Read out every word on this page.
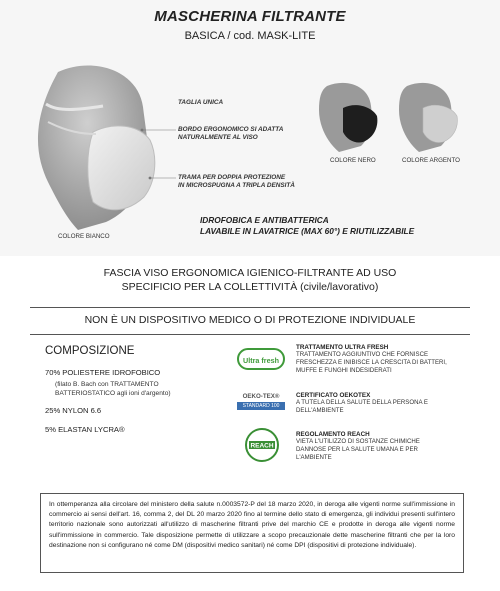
MASCHERINA FILTRANTE
BASICA / cod. MASK-LITE
TAGLIA UNICA
BORDO ERGONOMICO SI ADATTA
NATURALMENTE AL VISO
TRAMA PER DOPPIA PROTEZIONE
IN MICROSPUGNA A TRIPLA DENSITÀ
COLORE BIANCO
COLORE NERO	COLORE ARGENTO
IDROFOBICA E ANTIBATTERICA
LAVABILE IN LAVATRICE (MAX 60°) E RIUTILIZZABILE
FASCIA VISO ERGONOMICA IGIENICO-FILTRANTE AD USO
SPECIFICIO PER LA COLLETTIVITÀ (civile/lavorativo)
NON È UN DISPOSITIVO MEDICO O DI PROTEZIONE INDIVIDUALE
COMPOSIZIONE
70% POLIESTERE IDROFOBICO
(filato B. Bach con TRATTAMENTO
BATTERIOSTATICO agli ioni d'argento)
25% NYLON 6.6
5% ELASTAN LYCRA®
Ultra fresh
OEKO-TEX®
STANDARD 100
REACH
TRATTAMENTO ULTRA FRESH
TRATTAMENTO AGGIUNTIVO CHE FORNISCE
FRESCHEZZA E INIBISCE LA CRESCITA DI BATTERI,
MUFFE E FUNGHI INDESIDERATI
CERTIFICATO OEKOTEX
A TUTELA DELLA SALUTE DELLA PERSONA E
DELL'AMBIENTE
REGOLAMENTO REACH
VIETA L'UTILIZZO DI SOSTANZE CHIMICHE
DANNOSE PER LA SALUTE UMANA E PER
L'AMBIENTE
In ottemperanza alla circolare del ministero della salute n.0003572-P del 18 marzo 2020, in deroga alle vigenti norme sull'immissione in commercio ai sensi dell'art. 16, comma 2, del DL 20 marzo 2020 fino al termine dello stato di emergenza, gli individui presenti sull'intero territorio nazionale sono autorizzati all'utilizzo di mascherine filtranti prive del marchio CE e prodotte in deroga alle vigenti norme sull'immissione in commercio. Tale disposizione permette di utilizzare a scopo precauzionale dette mascherine filtranti che per la loro destinazione non si configurano né come DM (dispositivi medico sanitari) né come DPI (dispositivi di protezione individuale).
